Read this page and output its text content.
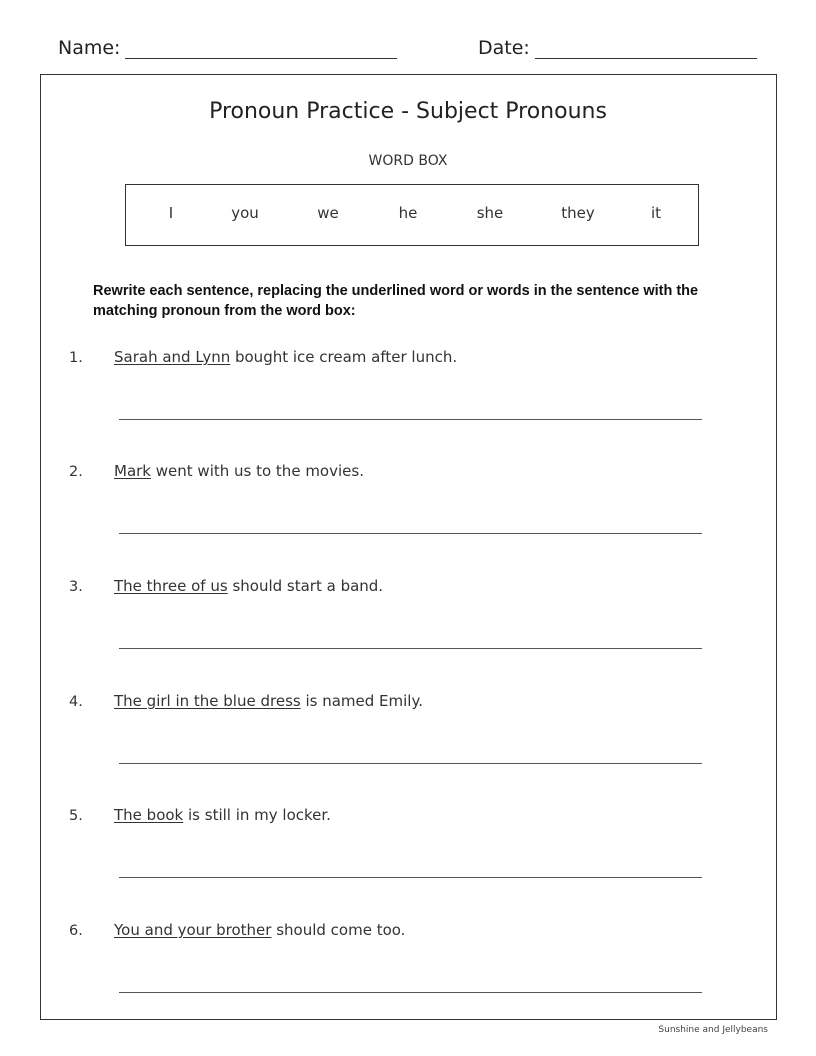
Name:	Date:
Pronoun Practice - Subject Pronouns
WORD BOX
I	you	we	he	she	they	it
Rewrite each sentence, replacing the underlined word or words in the sentence with the matching pronoun from the word box:
1. Sarah and Lynn bought ice cream after lunch.
2. Mark went with us to the movies.
3. The three of us should start a band.
4. The girl in the blue dress is named Emily.
5. The book is still in my locker.
6. You and your brother should come too.
Sunshine and Jellybeans
